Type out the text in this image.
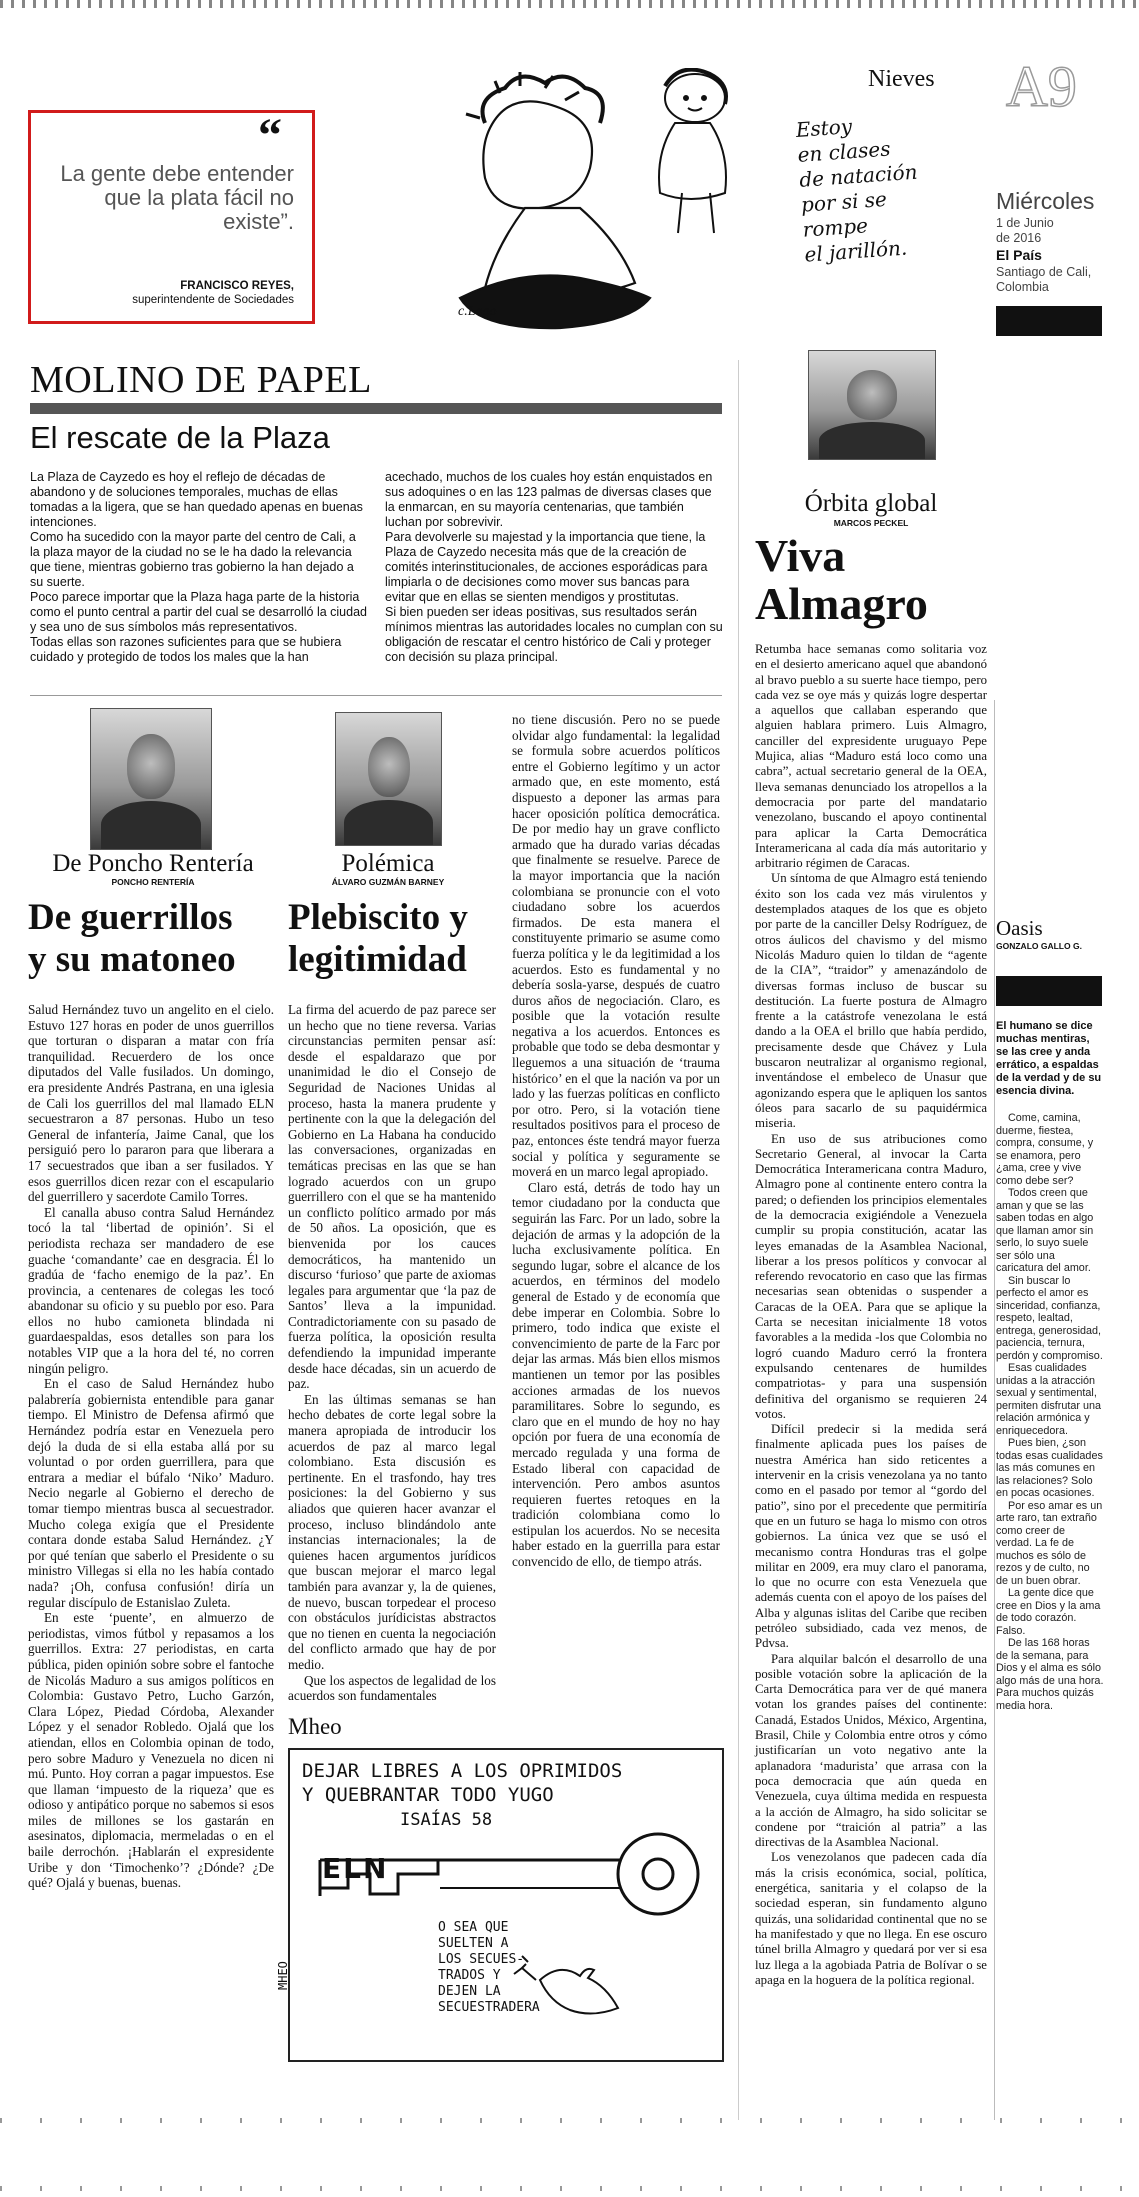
“
La gente debe entender que la plata fácil no existe”.
FRANCISCO REYES,
superintendente de Sociedades
Estoy
en clases
de natación
por si se
rompe
el jarillón.
c.Lago
Nieves A9
Miércoles
1 de Junio
de 2016
El País
Santiago de Cali,
Colombia
MOLINO DE PAPEL
El rescate de la Plaza
La Plaza de Cayzedo es hoy el reflejo de décadas de abandono y de soluciones temporales, muchas de ellas tomadas a la ligera, que se han quedado apenas en buenas intenciones.
Como ha sucedido con la mayor parte del centro de Cali, a la plaza mayor de la ciudad no se le ha dado la relevancia que tiene, mientras gobierno tras gobierno la han dejado a su suerte.
Poco parece importar que la Plaza haga parte de la historia como el punto central a partir del cual se desarrolló la ciudad y sea uno de sus símbolos más representativos.
Todas ellas son razones suficientes para que se hubiera cuidado y protegido de todos los males que la han
acechado, muchos de los cuales hoy están enquistados en sus adoquines o en las 123 palmas de diversas clases que la enmarcan, en su mayoría centenarias, que también luchan por sobrevivir.
Para devolverle su majestad y la importancia que tiene, la Plaza de Cayzedo necesita más que de la creación de comités interinstitucionales, de acciones esporádicas para limpiarla o de decisiones como mover sus bancas para evitar que en ellas se sienten mendigos y prostitutas.
Si bien pueden ser ideas positivas, sus resultados serán mínimos mientras las autoridades locales no cumplan con su obligación de rescatar el centro histórico de Cali y proteger con decisión su plaza principal.
Órbita global
MARCOS PECKEL
Viva
Almagro

Retumba hace semanas como solitaria voz en el desierto americano aquel que abandonó al bravo pueblo a su suerte hace tiempo, pero cada vez se oye más y quizás logre despertar a aquellos que callaban esperando que alguien hablara primero. Luis Almagro, canciller del expresidente uruguayo Pepe Mujica, alias “Maduro está loco como una cabra”, actual secretario general de la OEA, lleva semanas denunciado los atropellos a la democracia por parte del mandatario venezolano, buscando el apoyo continental para aplicar la Carta Democrática Interamericana al cada día más autoritario y arbitrario régimen de Caracas.

Un síntoma de que Almagro está teniendo éxito son los cada vez más virulentos y destemplados ataques de los que es objeto por parte de la canciller Delsy Rodríguez, de otros áulicos del chavismo y del mismo Nicolás Maduro quien lo tildan de “agente de la CIA”, “traidor” y amenazándolo de diversas formas incluso de buscar su destitución. La fuerte postura de Almagro frente a la catástrofe venezolana le está dando a la OEA el brillo que había perdido, precisamente desde que Chávez y Lula buscaron neutralizar al organismo regional, inventándose el embeleco de Unasur que agonizando espera que le apliquen los santos óleos para sacarlo de su paquidérmica miseria.

En uso de sus atribuciones como Secretario General, al invocar la Carta Democrática Interamericana contra Maduro, Almagro pone al continente entero contra la pared; o defienden los principios elementales de la democracia exigiéndole a Venezuela cumplir su propia constitución, acatar las leyes emanadas de la Asamblea Nacional, liberar a los presos políticos y convocar al referendo revocatorio en caso que las firmas necesarias sean obtenidas o suspender a Caracas de la OEA. Para que se aplique la Carta se necesitan inicialmente 18 votos favorables a la medida -los que Colombia no logró cuando Maduro cerró la frontera expulsando centenares de humildes compatriotas- y para una suspensión definitiva del organismo se requieren 24 votos.

Difícil predecir si la medida será finalmente aplicada pues los países de nuestra América han sido reticentes a intervenir en la crisis venezolana ya no tanto como en el pasado por temor al “gordo del patio”, sino por el precedente que permitiría que en un futuro se haga lo mismo con otros gobiernos. La única vez que se usó el mecanismo contra Honduras tras el golpe militar en 2009, era muy claro el panorama, lo que no ocurre con esta Venezuela que además cuenta con el apoyo de los países del Alba y algunas islitas del Caribe que reciben petróleo subsidiado, cada vez menos, de Pdvsa.

Para alquilar balcón el desarrollo de una posible votación sobre la aplicación de la Carta Democrática para ver de qué manera votan los grandes países del continente: Canadá, Estados Unidos, México, Argentina, Brasil, Chile y Colombia entre otros y cómo justificarían un voto negativo ante la aplanadora ‘madurista’ que arrasa con la poca democracia que aún queda en Venezuela, cuya última medida en respuesta a la acción de Almagro, ha sido solicitar se condene por “traición al patria” a las directivas de la Asamblea Nacional.

Los venezolanos que padecen cada día más la crisis económica, social, política, energética, sanitaria y el colapso de la sociedad esperan, sin fundamento alguno quizás, una solidaridad continental que no se ha manifestado y que no llega. En ese oscuro túnel brilla Almagro y quedará por ver si esa luz llega a la agobiada Patria de Bolívar o se apaga en la hoguera de la política regional.

De Poncho Rentería
PONCHO RENTERÍA
De guerrillos
y su matoneo

Salud Hernández tuvo un angelito en el cielo. Estuvo 127 horas en poder de unos guerrillos que torturan o disparan a matar con fría tranquilidad. Recuerdero de los once diputados del Valle fusilados. Un domingo, era presidente Andrés Pastrana, en una iglesia de Cali los guerrillos del mal llamado ELN secuestraron a 87 personas. Hubo un teso General de infantería, Jaime Canal, que los persiguió pero lo pararon para que liberara a 17 secuestrados que iban a ser fusilados. Y esos guerrillos dicen rezar con el escapulario del guerrillero y sacerdote Camilo Torres.

El canalla abuso contra Salud Hernández tocó la tal ‘libertad de opinión’. Si el periodista rechaza ser mandadero de ese guache ‘comandante’ cae en desgracia. Él lo gradúa de ‘facho enemigo de la paz’. En provincia, a centenares de colegas les tocó abandonar su oficio y su pueblo por eso. Para ellos no hubo camioneta blindada ni guardaespaldas, esos detalles son para los notables VIP que a la hora del té, no corren ningún peligro.

En el caso de Salud Hernández hubo palabrería gobiernista entendible para ganar tiempo. El Ministro de Defensa afirmó que Hernández podría estar en Venezuela pero dejó la duda de si ella estaba allá por su voluntad o por orden guerrillera, para que entrara a mediar el búfalo ‘Niko’ Maduro. Necio negarle al Gobierno el derecho de tomar tiempo mientras busca al secuestrador. Mucho colega exigía que el Presidente contara donde estaba Salud Hernández. ¿Y por qué tenían que saberlo el Presidente o su ministro Villegas si ella no les había contado nada? ¡Oh, confusa confusión! diría un regular discípulo de Estanislao Zuleta.

En este ‘puente’, en almuerzo de periodistas, vimos fútbol y repasamos a los guerrillos. Extra: 27 periodistas, en carta pública, piden opinión sobre sobre el fantoche de Nicolás Maduro a sus amigos políticos en Colombia: Gustavo Petro, Lucho Garzón, Clara López, Piedad Córdoba, Alexander López y el senador Robledo. Ojalá que los atiendan, ellos en Colombia opinan de todo, pero sobre Maduro y Venezuela no dicen ni mú. Punto. Hoy corran a pagar impuestos. Ese que llaman ‘impuesto de la riqueza’ que es odioso y antipático porque no sabemos si esos miles de millones se los gastarán en asesinatos, diplomacia, mermeladas o en el baile derrochón. ¡Hablarán el expresidente Uribe y don ‘Timochenko’? ¿Dónde? ¿De qué? Ojalá y buenas, buenas.

Polémica
ÁLVARO GUZMÁN BARNEY
Plebiscito y
legitimidad

La firma del acuerdo de paz parece ser un hecho que no tiene reversa. Varias circunstancias permiten pensar así: desde el espaldarazo que por unanimidad le dio el Consejo de Seguridad de Naciones Unidas al proceso, hasta la manera prudente y pertinente con la que la delegación del Gobierno en La Habana ha conducido las conversaciones, organizadas en temáticas precisas en las que se han logrado acuerdos con un grupo guerrillero con el que se ha mantenido un conflicto político armado por más de 50 años. La oposición, que es bienvenida por los cauces democráticos, ha mantenido un discurso ‘furioso’ que parte de axiomas legales para argumentar que ‘la paz de Santos’ lleva a la impunidad. Contradictoriamente con su pasado de fuerza política, la oposición resulta defendiendo la impunidad imperante desde hace décadas, sin un acuerdo de paz.

En las últimas semanas se han hecho debates de corte legal sobre la manera apropiada de introducir los acuerdos de paz al marco legal colombiano. Esta discusión es pertinente. En el trasfondo, hay tres posiciones: la del Gobierno y sus aliados que quieren hacer avanzar el proceso, incluso blindándolo ante instancias internacionales; la de quienes hacen argumentos jurídicos que buscan mejorar el marco legal también para avanzar y, la de quienes, de nuevo, buscan torpedear el proceso con obstáculos jurídicistas abstractos que no tienen en cuenta la negociación del conflicto armado que hay de por medio.

Que los aspectos de legalidad de los acuerdos son fundamentales

no tiene discusión. Pero no se puede olvidar algo fundamental: la legalidad se formula sobre acuerdos políticos entre el Gobierno legítimo y un actor armado que, en este momento, está dispuesto a deponer las armas para hacer oposición política democrática. De por medio hay un grave conflicto armado que ha durado varias décadas que finalmente se resuelve. Parece de la mayor importancia que la nación colombiana se pronuncie con el voto ciudadano sobre los acuerdos firmados. De esta manera el constituyente primario se asume como fuerza política y le da legitimidad a los acuerdos. Esto es fundamental y no debería sosla-yarse, después de cuatro duros años de negociación. Claro, es posible que la votación resulte negativa a los acuerdos. Entonces es probable que todo se deba desmontar y lleguemos a una situación de ‘trauma histórico’ en el que la nación va por un lado y las fuerzas políticas en conflicto por otro. Pero, si la votación tiene resultados positivos para el proceso de paz, entonces éste tendrá mayor fuerza social y política y seguramente se moverá en un marco legal apropiado.

Claro está, detrás de todo hay un temor ciudadano por la conducta que seguirán las Farc. Por un lado, sobre la dejación de armas y la adopción de la lucha exclusivamente política. En segundo lugar, sobre el alcance de los acuerdos, en términos del modelo general de Estado y de economía que debe imperar en Colombia. Sobre lo primero, todo indica que existe el convencimiento de parte de la Farc por dejar las armas. Más bien ellos mismos mantienen un temor por las posibles acciones armadas de los nuevos paramilitares. Sobre lo segundo, es claro que en el mundo de hoy no hay opción por fuera de una economía de mercado regulada y una forma de Estado liberal con capacidad de intervención. Pero ambos asuntos requieren fuertes retoques en la tradición colombiana como lo estipulan los acuerdos. No se necesita haber estado en la guerrilla para estar convencido de ello, de tiempo atrás.

Mheo
DEJAR LIBRES A LOS OPRIMIDOS
Y QUEBRANTAR TODO YUGO
ISAÍAS 58
ELN
O SEA QUE
SUELTEN A
LOS SECUES-
TRADOS Y
DEJEN LA
SECUESTRADERA
MHEO
Oasis
GONZALO GALLO G.
El humano se dice muchas mentiras, se las cree y anda errático, a espaldas de la verdad y de su esencia divina.

Come, camina, duerme, fiestea, compra, consume, y se enamora, pero ¿ama, cree y vive como debe ser?

Todos creen que aman y que se las saben todas en algo que llaman amor sin serlo, lo suyo suele ser sólo una caricatura del amor.

Sin buscar lo perfecto el amor es sinceridad, confianza, respeto, lealtad, entrega, generosidad, paciencia, ternura, perdón y compromiso.

Esas cualidades unidas a la atracción sexual y sentimental, permiten disfrutar una relación armónica y enriquecedora.

Pues bien, ¿son todas esas cualidades las más comunes en las relaciones? Solo en pocas ocasiones.

Por eso amar es un arte raro, tan extraño como creer de verdad. La fe de muchos es sólo de rezos y de culto, no de un buen obrar.

La gente dice que cree en Dios y la ama de todo corazón. Falso.

De las 168 horas de la semana, para Dios y el alma es sólo algo más de una hora. Para muchos quizás media hora.
